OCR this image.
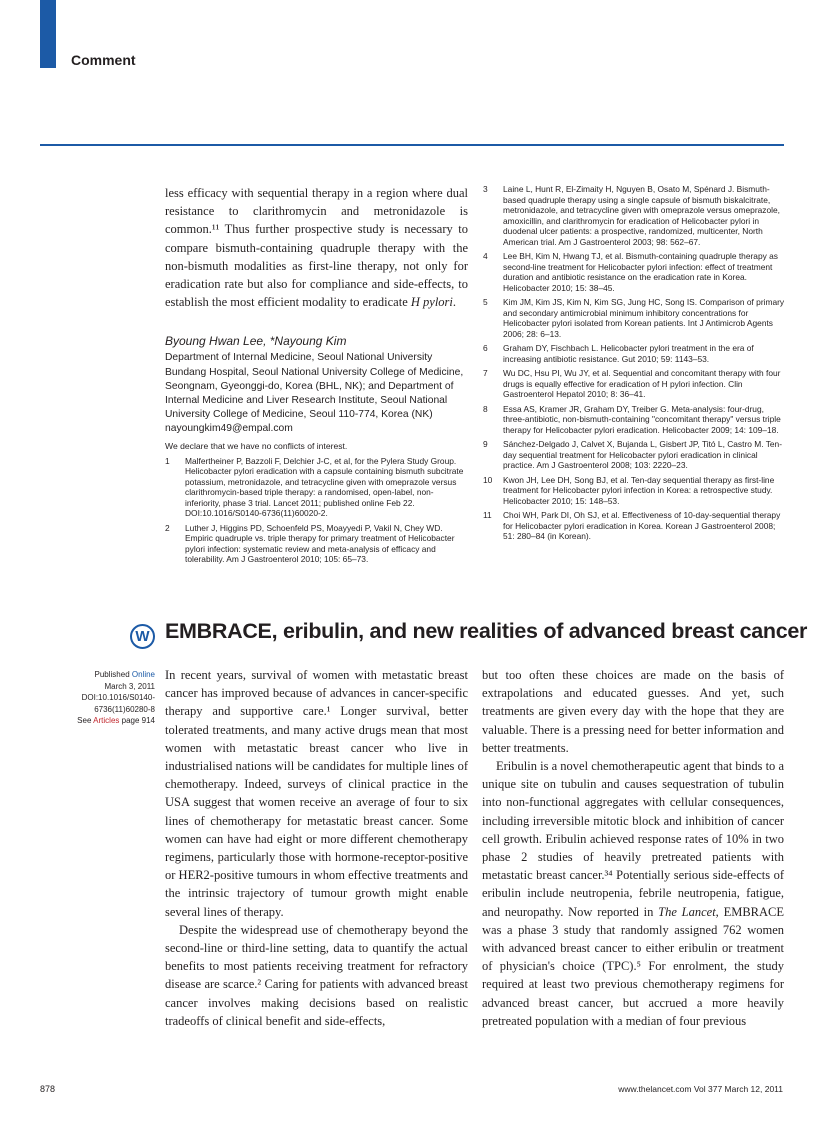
Comment

less efficacy with sequential therapy in a region where dual resistance to clarithromycin and metronidazole is common.¹¹ Thus further prospective study is necessary to compare bismuth-containing quadruple therapy with the non-bismuth modalities as first-line therapy, not only for eradication rate but also for compliance and side-effects, to establish the most efficient modality to eradicate H pylori.

Byoung Hwan Lee, *Nayoung Kim
Department of Internal Medicine, Seoul National University Bundang Hospital, Seoul National University College of Medicine, Seongnam, Gyeonggi-do, Korea (BHL, NK); and Department of Internal Medicine and Liver Research Institute, Seoul National University College of Medicine, Seoul 110-774, Korea (NK)
nayoungkim49@empal.com
We declare that we have no conflicts of interest.
1	Malfertheiner P, Bazzoli F, Delchier J-C, et al, for the Pylera Study Group. Helicobacter pylori eradication with a capsule containing bismuth subcitrate potassium, metronidazole, and tetracycline given with omeprazole versus clarithromycin-based triple therapy: a randomised, open-label, non-inferiority, phase 3 trial. Lancet 2011; published online Feb 22. DOI:10.1016/S0140-6736(11)60020-2.
2	Luther J, Higgins PD, Schoenfeld PS, Moayyedi P, Vakil N, Chey WD. Empiric quadruple vs. triple therapy for primary treatment of Helicobacter pylori infection: systematic review and meta-analysis of efficacy and tolerability. Am J Gastroenterol 2010; 105: 65–73.
3	Laine L, Hunt R, El-Zimaity H, Nguyen B, Osato M, Spénard J. Bismuth-based quadruple therapy using a single capsule of bismuth biskalcitrate, metronidazole, and tetracycline given with omeprazole versus omeprazole, amoxicillin, and clarithromycin for eradication of Helicobacter pylori in duodenal ulcer patients: a prospective, randomized, multicenter, North American trial. Am J Gastroenterol 2003; 98: 562–67.
4	Lee BH, Kim N, Hwang TJ, et al. Bismuth-containing quadruple therapy as second-line treatment for Helicobacter pylori infection: effect of treatment duration and antibiotic resistance on the eradication rate in Korea. Helicobacter 2010; 15: 38–45.
5	Kim JM, Kim JS, Kim N, Kim SG, Jung HC, Song IS. Comparison of primary and secondary antimicrobial minimum inhibitory concentrations for Helicobacter pylori isolated from Korean patients. Int J Antimicrob Agents 2006; 28: 6–13.
6	Graham DY, Fischbach L. Helicobacter pylori treatment in the era of increasing antibiotic resistance. Gut 2010; 59: 1143–53.
7	Wu DC, Hsu PI, Wu JY, et al. Sequential and concomitant therapy with four drugs is equally effective for eradication of H pylori infection. Clin Gastroenterol Hepatol 2010; 8: 36–41.
8	Essa AS, Kramer JR, Graham DY, Treiber G. Meta-analysis: four-drug, three-antibiotic, non-bismuth-containing "concomitant therapy" versus triple therapy for Helicobacter pylori eradication. Helicobacter 2009; 14: 109–18.
9	Sánchez-Delgado J, Calvet X, Bujanda L, Gisbert JP, Titó L, Castro M. Ten-day sequential treatment for Helicobacter pylori eradication in clinical practice. Am J Gastroenterol 2008; 103: 2220–23.
10	Kwon JH, Lee DH, Song BJ, et al. Ten-day sequential therapy as first-line treatment for Helicobacter pylori infection in Korea: a retrospective study. Helicobacter 2010; 15: 148–53.
11	Choi WH, Park DI, Oh SJ, et al. Effectiveness of 10-day-sequential therapy for Helicobacter pylori eradication in Korea. Korean J Gastroenterol 2008; 51: 280–84 (in Korean).
W EMBRACE, eribulin, and new realities of advanced breast cancer
Published Online
March 3, 2011
DOI:10.1016/S0140-6736(11)60280-8
See Articles page 914

In recent years, survival of women with metastatic breast cancer has improved because of advances in cancer-specific therapy and supportive care.¹ Longer survival, better tolerated treatments, and many active drugs mean that most women with metastatic breast cancer who live in industrialised nations will be candidates for multiple lines of chemotherapy. Indeed, surveys of clinical practice in the USA suggest that women receive an average of four to six lines of chemotherapy for metastatic breast cancer. Some women can have had eight or more different chemotherapy regimens, particularly those with hormone-receptor-positive or HER2-positive tumours in whom effective treatments and the intrinsic trajectory of tumour growth might enable several lines of therapy.

Despite the widespread use of chemotherapy beyond the second-line or third-line setting, data to quantify the actual benefits to most patients receiving treatment for refractory disease are scarce.² Caring for patients with advanced breast cancer involves making decisions based on realistic tradeoffs of clinical benefit and side-effects,

but too often these choices are made on the basis of extrapolations and educated guesses. And yet, such treatments are given every day with the hope that they are valuable. There is a pressing need for better information and better treatments.

Eribulin is a novel chemotherapeutic agent that binds to a unique site on tubulin and causes sequestration of tubulin into non-functional aggregates with cellular consequences, including irreversible mitotic block and inhibition of cancer cell growth. Eribulin achieved response rates of 10% in two phase 2 studies of heavily pretreated patients with metastatic breast cancer.³⁴ Potentially serious side-effects of eribulin include neutropenia, febrile neutropenia, fatigue, and neuropathy. Now reported in The Lancet, EMBRACE was a phase 3 study that randomly assigned 762 women with advanced breast cancer to either eribulin or treatment of physician's choice (TPC).⁵ For enrolment, the study required at least two previous chemotherapy regimens for advanced breast cancer, but accrued a more heavily pretreated population with a median of four previous

878	www.thelancet.com Vol 377 March 12, 2011
